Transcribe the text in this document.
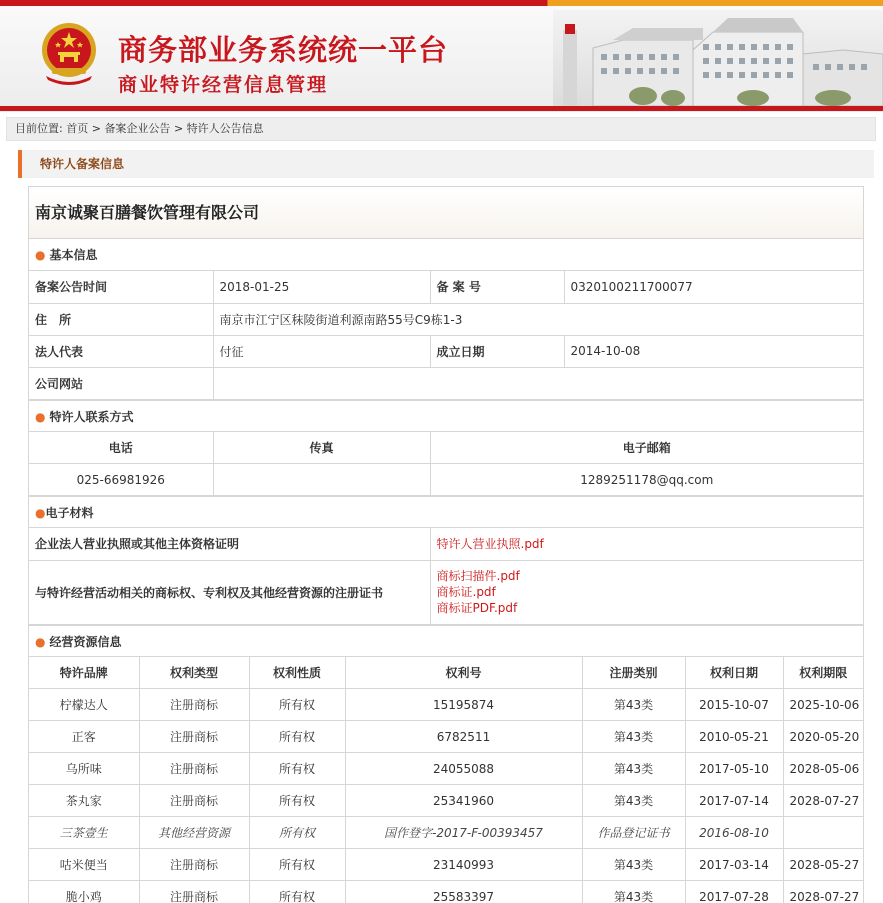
商务部业务系统统一平台
商业特许经营信息管理
目前位置: 首页 > 备案企业公告 > 特许人公告信息
特许人备案信息
南京诚聚百膳餐饮管理有限公司
● 基本信息
备案公告时间	2018-01-25	备 案 号	0320100211700077
住　所	南京市江宁区秣陵街道利源南路55号C9栋1-3		
法人代表	付征	成立日期	2014-10-08
公司网站			
● 特许人联系方式
电话	传真	电子邮箱
025-66981926		1289251178@qq.com
●电子材料
企业法人营业执照或其他主体资格证明	特许人营业执照.pdf

与特许经营活动相关的商标权、专利权及其他经营资源的注册证书	商标扫描件.pdf
商标证.pdf
商标证PDF.pdf
● 经营资源信息
特许品牌	权利类型	权利性质	权利号	注册类别	权利日期	权利期限
柠檬达人	注册商标	所有权	15195874	第43类	2015-10-07	2025-10-06
正客	注册商标	所有权	6782511	第43类	2010-05-21	2020-05-20
乌所味	注册商标	所有权	24055088	第43类	2017-05-10	2028-05-06
茶丸家	注册商标	所有权	25341960	第43类	2017-07-14	2028-07-27
三茶壹生	其他经营资源	所有权	国作登字-2017-F-00393457	作品登记证书	2016-08-10	
咕米便当	注册商标	所有权	23140993	第43类	2017-03-14	2028-05-27
脆小鸡	注册商标	所有权	25583397	第43类	2017-07-28	2028-07-27
